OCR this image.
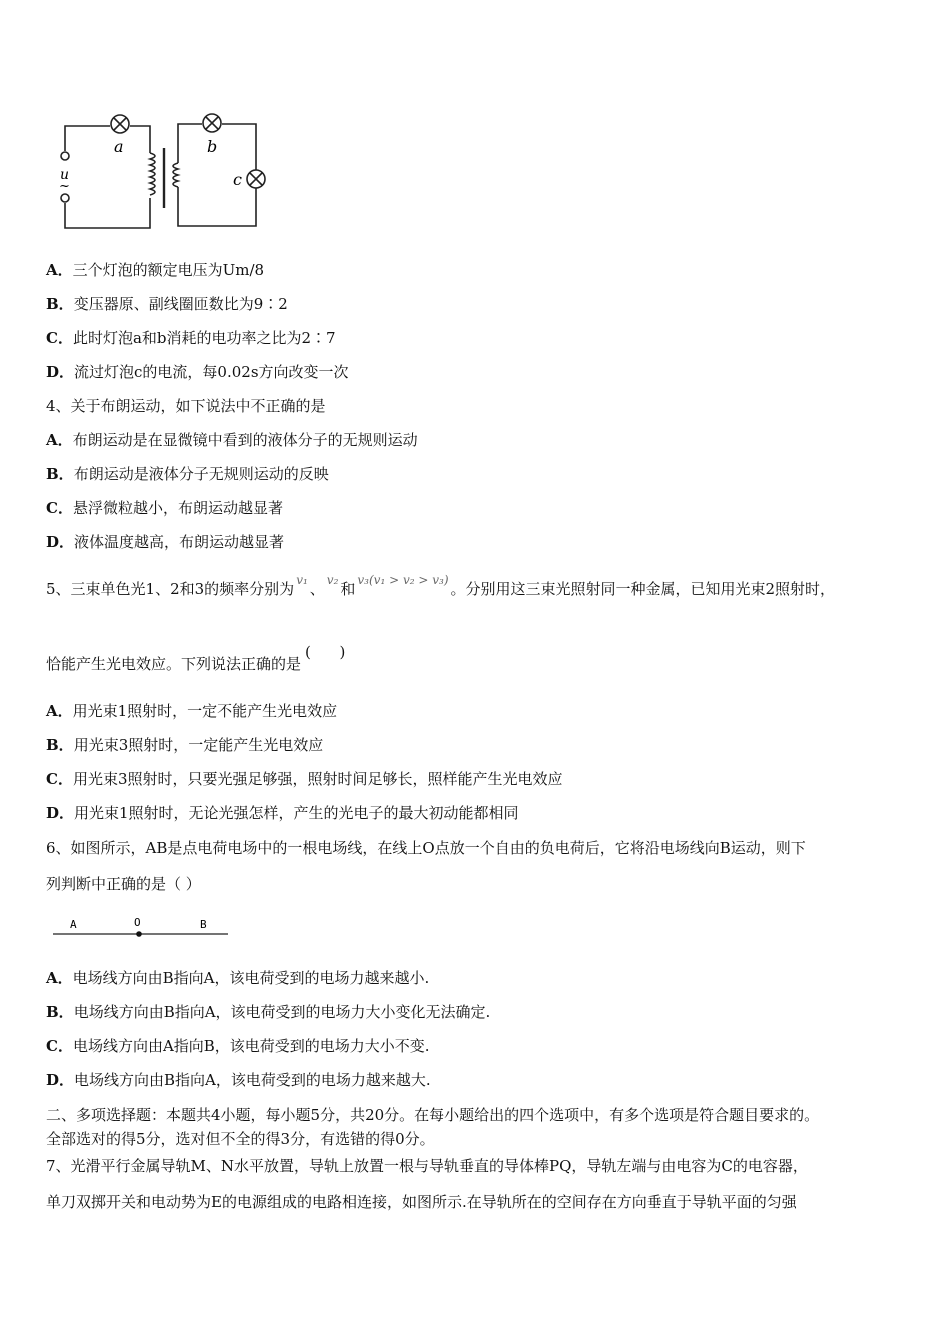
a	b
c
u
~
A．三个灯泡的额定电压为Um/8
B．变压器原、副线圈匝数比为9∶2
C．此时灯泡a和b消耗的电功率之比为2∶7
D．流过灯泡c的电流，每0.02s方向改变一次
4、关于布朗运动，如下说法中不正确的是
A．布朗运动是在显微镜中看到的液体分子的无规则运动
B．布朗运动是液体分子无规则运动的反映
C．悬浮微粒越小，布朗运动越显著
D．液体温度越高，布朗运动越显著
5、三束单色光1、2和3的频率分别为 $^{v_1}$ 、 $^{v_2}$ 和 $^{v_3(v_1 > v_2 > v_3)}$ 。分别用这三束光照射同一种金属，已知用光束2照射时，
恰能产生光电效应。下列说法正确的是(      )
A．用光束1照射时，一定不能产生光电效应
B．用光束3照射时，一定能产生光电效应
C．用光束3照射时，只要光强足够强，照射时间足够长，照样能产生光电效应
D．用光束1照射时，无论光强怎样，产生的光电子的最大初动能都相同
6、如图所示，AB是点电荷电场中的一根电场线，在线上O点放一个自由的负电荷后，它将沿电场线向B运动，则下
列判断中正确的是（ ）
A	O	B
A．电场线方向由B指向A，该电荷受到的电场力越来越小.
B．电场线方向由B指向A，该电荷受到的电场力大小变化无法确定.
C．电场线方向由A指向B，该电荷受到的电场力大小不变.
D．电场线方向由B指向A，该电荷受到的电场力越来越大.
二、多项选择题：本题共4小题，每小题5分，共20分。在每小题给出的四个选项中，有多个选项是符合题目要求的。
全部选对的得5分，选对但不全的得3分，有选错的得0分。
7、光滑平行金属导轨M、N水平放置，导轨上放置一根与导轨垂直的导体棒PQ，导轨左端与由电容为C的电容器，
单刀双掷开关和电动势为E的电源组成的电路相连接，如图所示.在导轨所在的空间存在方向垂直于导轨平面的匀强
